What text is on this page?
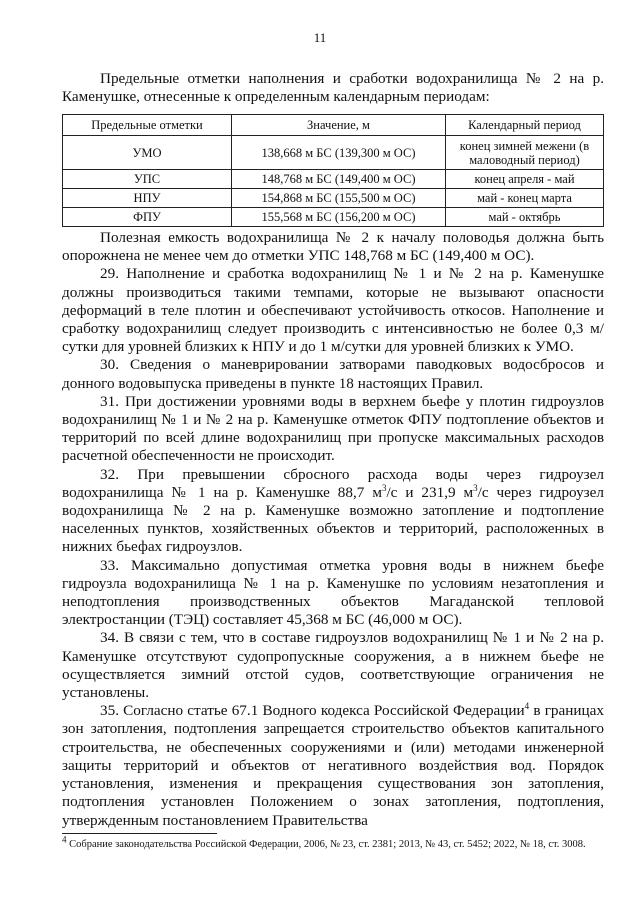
11

Предельные отметки наполнения и сработки водохранилища № 2 на р. Каменушке, отнесенные к определенным календарным периодам:

Предельные отметки	Значение, м	Календарный период
УМО	138,668 м БС (139,300 м ОС)	конец зимней межени (в маловодный период)
УПС	148,768 м БС (149,400 м ОС)	конец апреля - май
НПУ	154,868 м БС (155,500 м ОС)	май - конец марта
ФПУ	155,568 м БС (156,200 м ОС)	май - октябрь

Полезная емкость водохранилища № 2 к началу половодья должна быть опорожнена не менее чем до отметки УПС 148,768 м БС (149,400 м ОС).

29. Наполнение и сработка водохранилищ № 1 и № 2 на р. Каменушке должны производиться такими темпами, которые не вызывают опасности деформаций в теле плотин и обеспечивают устойчивость откосов. Наполнение и сработку водохранилищ следует производить с интенсивностью не более 0,3 м/сутки для уровней близких к НПУ и до 1 м/сутки для уровней близких к УМО.

30. Сведения о маневрировании затворами паводковых водосбросов и донного водовыпуска приведены в пункте 18 настоящих Правил.

31. При достижении уровнями воды в верхнем бьефе у плотин гидроузлов водохранилищ № 1 и № 2 на р. Каменушке отметок ФПУ подтопление объектов и территорий по всей длине водохранилищ при пропуске максимальных расходов расчетной обеспеченности не происходит.

32. При превышении сбросного расхода воды через гидроузел водохранилища № 1 на р. Каменушке 88,7 $м^3/с$ и 231,9 $м^3/с$ через гидроузел водохранилища № 2 на р. Каменушке возможно затопление и подтопление населенных пунктов, хозяйственных объектов и территорий, расположенных в нижних бьефах гидроузлов.

33. Максимально допустимая отметка уровня воды в нижнем бьефе гидроузла водохранилища № 1 на р. Каменушке по условиям незатопления и неподтопления производственных объектов Магаданской тепловой электростанции (ТЭЦ) составляет 45,368 м БС (46,000 м ОС).

34. В связи с тем, что в составе гидроузлов водохранилищ № 1 и № 2 на р. Каменушке отсутствуют судопропускные сооружения, а в нижнем бьефе не осуществляется зимний отстой судов, соответствующие ограничения не установлены.

35. Согласно статье 67.1 Водного кодекса Российской Федерации$^4$ в границах зон затопления, подтопления запрещается строительство объектов капитального строительства, не обеспеченных сооружениями и (или) методами инженерной защиты территорий и объектов от негативного воздействия вод. Порядок установления, изменения и прекращения существования зон затопления, подтопления установлен Положением о зонах затопления, подтопления, утвержденным постановлением Правительства

$^4$ Собрание законодательства Российской Федерации, 2006, № 23, ст. 2381; 2013, № 43, ст. 5452; 2022, № 18, ст. 3008.
